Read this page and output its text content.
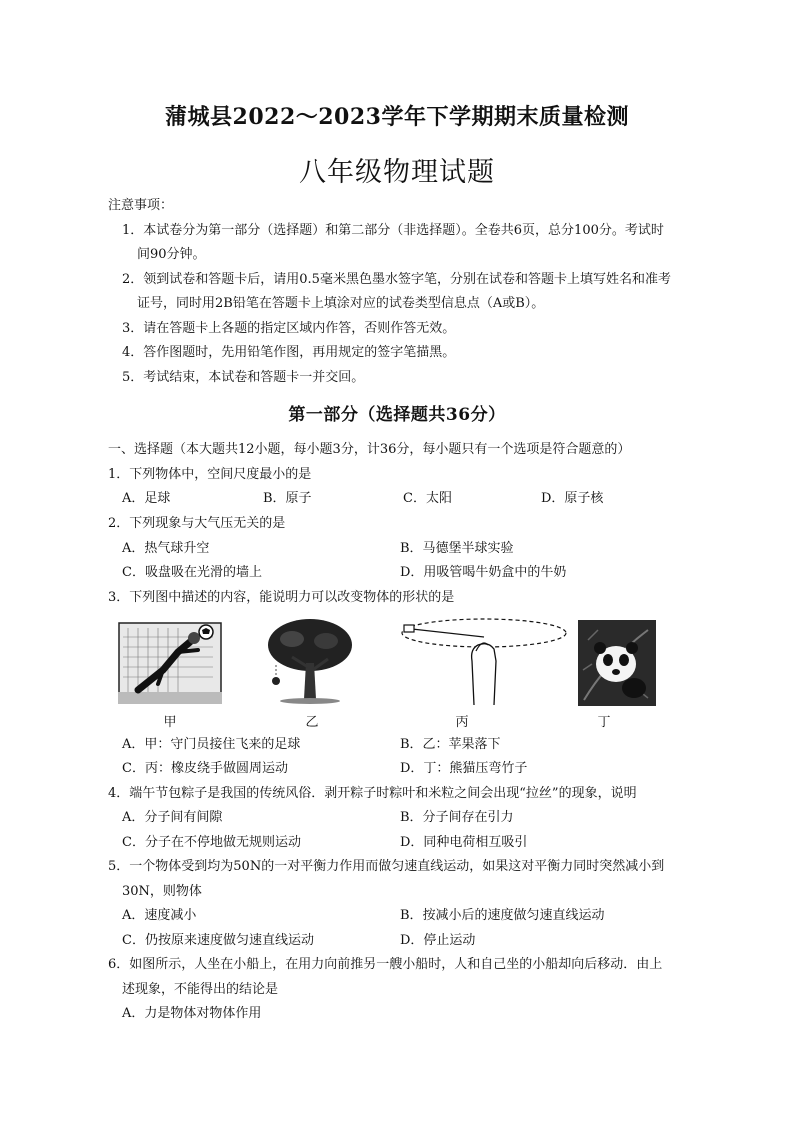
蒲城县2022～2023学年下学期期末质量检测
八年级物理试题
注意事项：
1．本试卷分为第一部分（选择题）和第二部分（非选择题）。全卷共6页，总分100分。考试时
间90分钟。
2．领到试卷和答题卡后，请用0.5毫米黑色墨水签字笔，分别在试卷和答题卡上填写姓名和准考
证号，同时用2B铅笔在答题卡上填涂对应的试卷类型信息点（A或B）。
3．请在答题卡上各题的指定区域内作答，否则作答无效。
4．答作图题时，先用铅笔作图，再用规定的签字笔描黑。
5．考试结束，本试卷和答题卡一并交回。
第一部分（选择题共36分）
一、选择题（本大题共12小题，每小题3分，计36分，每小题只有一个选项是符合题意的）
1．下列物体中，空间尺度最小的是
A．足球	B．原子	C．太阳	D．原子核
2．下列现象与大气压无关的是
A．热气球升空	B．马德堡半球实验
C．吸盘吸在光滑的墙上	D．用吸管喝牛奶盒中的牛奶
3．下列图中描述的内容，能说明力可以改变物体的形状的是
甲	乙	丙	丁
A．甲：守门员接住飞来的足球	B．乙：苹果落下
C．丙：橡皮绕手做圆周运动	D．丁：熊猫压弯竹子
4．端午节包粽子是我国的传统风俗．剥开粽子时粽叶和米粒之间会出现“拉丝”的现象，说明
A．分子间有间隙	B．分子间存在引力
C．分子在不停地做无规则运动	D．同种电荷相互吸引
5．一个物体受到均为50N的一对平衡力作用而做匀速直线运动，如果这对平衡力同时突然减小到
30N，则物体
A．速度减小	B．按减小后的速度做匀速直线运动
C．仍按原来速度做匀速直线运动	D．停止运动
6．如图所示，人坐在小船上，在用力向前推另一艘小船时，人和自己坐的小船却向后移动．由上
述现象，不能得出的结论是
A．力是物体对物体作用
